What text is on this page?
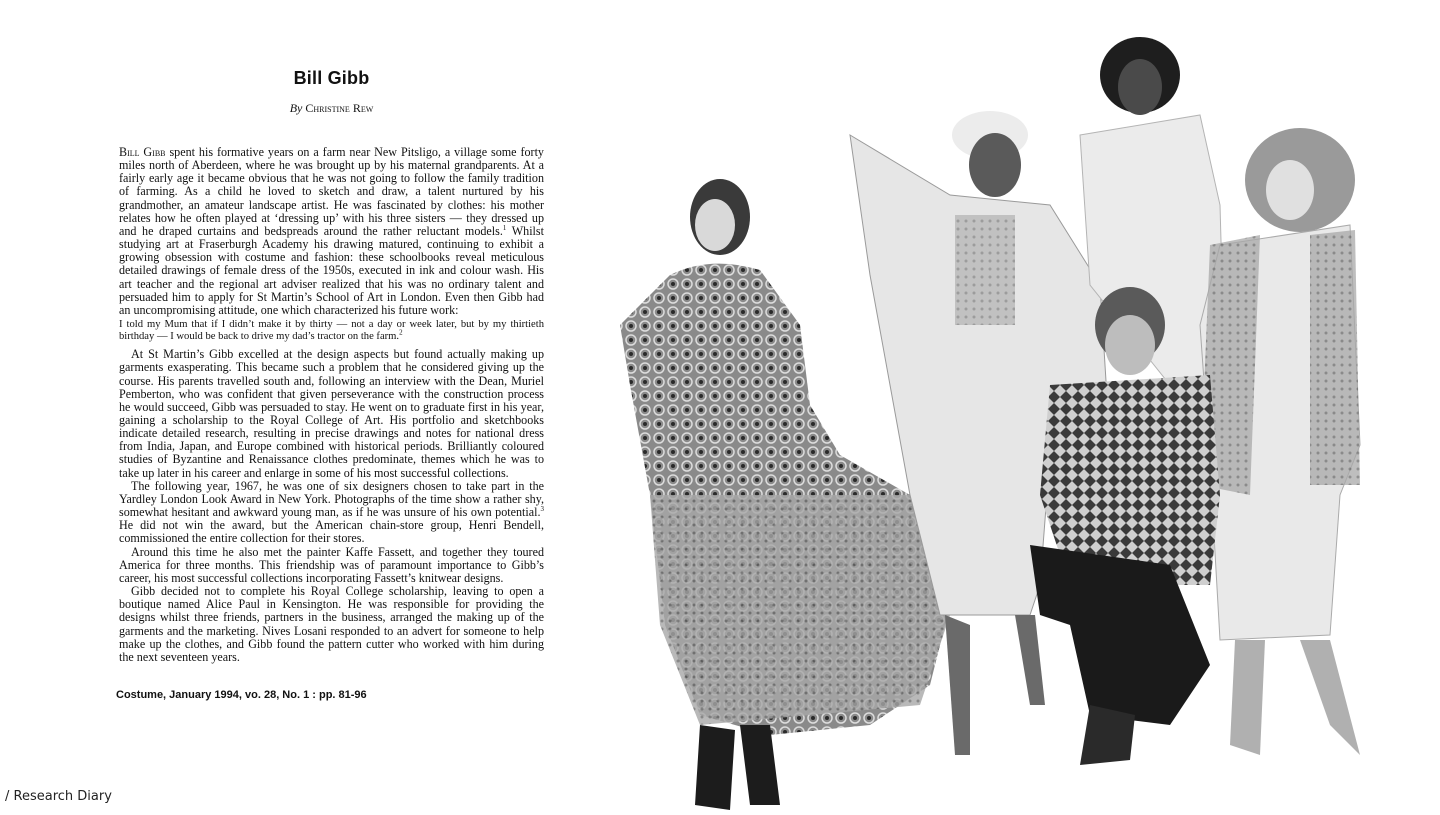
Bill Gibb
By Christine Rew

Bill Gibb spent his formative years on a farm near New Pitsligo, a village some forty miles north of Aberdeen, where he was brought up by his maternal grandparents. At a fairly early age it became obvious that he was not going to follow the family tradition of farming. As a child he loved to sketch and draw, a talent nurtured by his grandmother, an amateur landscape artist. He was fascinated by clothes: his mother relates how he often played at ‘dressing up’ with his three sisters — they dressed up and he draped curtains and bedspreads around the rather reluctant models.$^1$ Whilst studying art at Fraserburgh Academy his drawing matured, continuing to exhibit a growing obsession with costume and fashion: these schoolbooks reveal meticulous detailed drawings of female dress of the 1950s, executed in ink and colour wash. His art teacher and the regional art adviser realized that his was no ordinary talent and persuaded him to apply for St Martin’s School of Art in London. Even then Gibb had an uncompromising attitude, one which characterized his future work:

I told my Mum that if I didn’t make it by thirty — not a day or week later, but by my thirtieth birthday — I would be back to drive my dad’s tractor on the farm.$^2$

At St Martin’s Gibb excelled at the design aspects but found actually making up garments exasperating. This became such a problem that he considered giving up the course. His parents travelled south and, following an interview with the Dean, Muriel Pemberton, who was confident that given perseverance with the construction process he would succeed, Gibb was persuaded to stay. He went on to graduate first in his year, gaining a scholarship to the Royal College of Art. His portfolio and sketchbooks indicate detailed research, resulting in precise drawings and notes for national dress from India, Japan, and Europe combined with historical periods. Brilliantly coloured studies of Byzantine and Renaissance clothes predominate, themes which he was to take up later in his career and enlarge in some of his most successful collections.

The following year, 1967, he was one of six designers chosen to take part in the Yardley London Look Award in New York. Photographs of the time show a rather shy, somewhat hesitant and awkward young man, as if he was unsure of his own potential.$^3$ He did not win the award, but the American chain-store group, Henri Bendell, commissioned the entire collection for their stores.

Around this time he also met the painter Kaffe Fassett, and together they toured America for three months. This friendship was of paramount importance to Gibb’s career, his most successful collections incorporating Fassett’s knitwear designs.

Gibb decided not to complete his Royal College scholarship, leaving to open a boutique named Alice Paul in Kensington. He was responsible for providing the designs whilst three friends, partners in the business, arranged the making up of the garments and the marketing. Nives Losani responded to an advert for someone to help make up the clothes, and Gibb found the pattern cutter who worked with him during the next seventeen years.

Costume, January 1994, vo. 28, No. 1 : pp. 81-96
/ Research Diary
